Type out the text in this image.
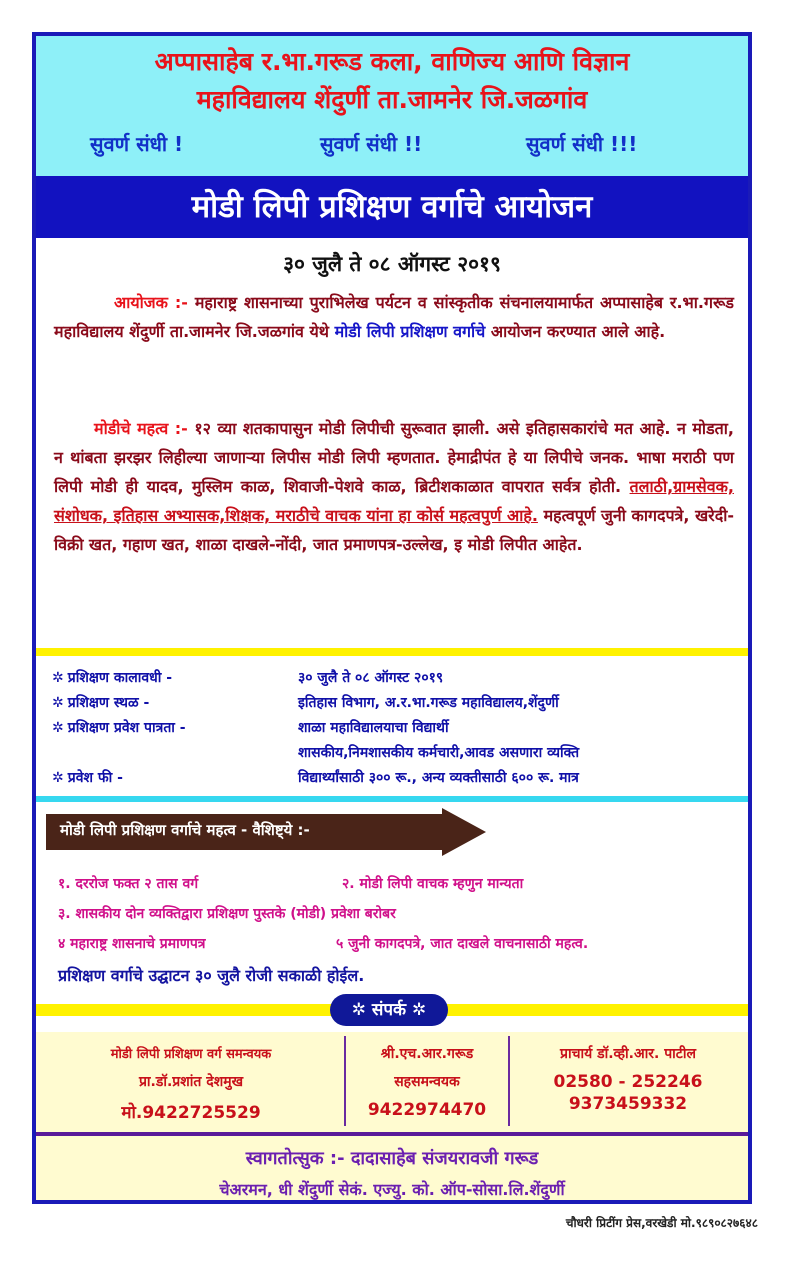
अप्पासाहेब र.भा.गरूड कला, वाणिज्य आणि विज्ञान
महाविद्यालय शेंदुर्णी ता.जामनेर जि.जळगांव
सुवर्ण संधी !	सुवर्ण संधी !!	सुवर्ण संधी !!!
मोडी लिपी प्रशिक्षण वर्गाचे आयोजन
३० जुलै ते ०८ ऑगस्ट २०१९
आयोजक :- महाराष्ट्र शासनाच्या पुराभिलेख पर्यटन व सांस्कृतीक संचनालयामार्फत अप्पासाहेब र.भा.गरूड महाविद्यालय शेंदुर्णी ता.जामनेर जि.जळगांव येथे मोडी लिपी प्रशिक्षण वर्गाचे आयोजन करण्यात आले आहे.
मोडीचे महत्व :- १२ व्या शतकापासुन मोडी लिपीची सुरूवात झाली. असे इतिहासकारांचे मत आहे. न मोडता, न थांबता झरझर लिहील्या जाणाऱ्या लिपीस मोडी लिपी म्हणतात. हेमाद्रीपंत हे या लिपीचे जनक. भाषा मराठी पण लिपी मोडी ही यादव, मुस्लिम काळ, शिवाजी-पेशवे काळ, ब्रिटीशकाळात वापरात सर्वत्र होती. तलाठी,ग्रामसेवक, संशोधक, इतिहास अभ्यासक,शिक्षक, मराठीचे वाचक यांना हा कोर्स महत्वपुर्ण आहे. महत्वपूर्ण जुनी कागदपत्रे, खरेदी-विक्री खत, गहाण खत, शाळा दाखले-नोंदी, जात प्रमाणपत्र-उल्लेख, इ मोडी लिपीत आहेत.
✲ प्रशिक्षण कालावधी -	३० जुलै ते ०८ ऑगस्ट २०१९
✲ प्रशिक्षण स्थळ -	इतिहास विभाग, अ.र.भा.गरूड महाविद्यालय,शेंदुर्णी
✲ प्रशिक्षण प्रवेश पात्रता -	शाळा महाविद्यालयाचा विद्यार्थी
शासकीय,निमशासकीय कर्मचारी,आवड असणारा व्यक्ति
✲ प्रवेश फी -	विद्यार्थ्यांसाठी ३०० रू., अन्य व्यक्तीसाठी ६०० रू. मात्र
मोडी लिपी प्रशिक्षण वर्गाचे महत्व - वैशिष्ट्ये :-
१. दररोज फक्त २ तास वर्ग	२. मोडी लिपी वाचक म्हणुन मान्यता
३. शासकीय दोन व्यक्तिद्वारा प्रशिक्षण पुस्तके (मोडी) प्रवेशा बरोबर
४ महाराष्ट्र शासनाचे प्रमाणपत्र	५ जुनी कागदपत्रे, जात दाखले वाचनासाठी महत्व.
प्रशिक्षण वर्गाचे उद्घाटन ३० जुलै रोजी सकाळी होईल.
✲ संपर्क ✲
मोडी लिपी प्रशिक्षण वर्ग समन्वयक
प्रा.डॉ.प्रशांत देशमुख
मो.9422725529
श्री.एच.आर.गरूड
सहसमन्वयक
9422974470
प्राचार्य डॉ.व्ही.आर. पाटील
02580 - 252246
9373459332
स्वागतोत्सुक :- दादासाहेब संजयरावजी गरूड
चेअरमन, धी शेंदुर्णी सेकं. एज्यु. को. ऑप-सोसा.लि.शेंदुर्णी
चौधरी प्रिटींग प्रेस,वरखेडी मो.९८९०८२७६४८
